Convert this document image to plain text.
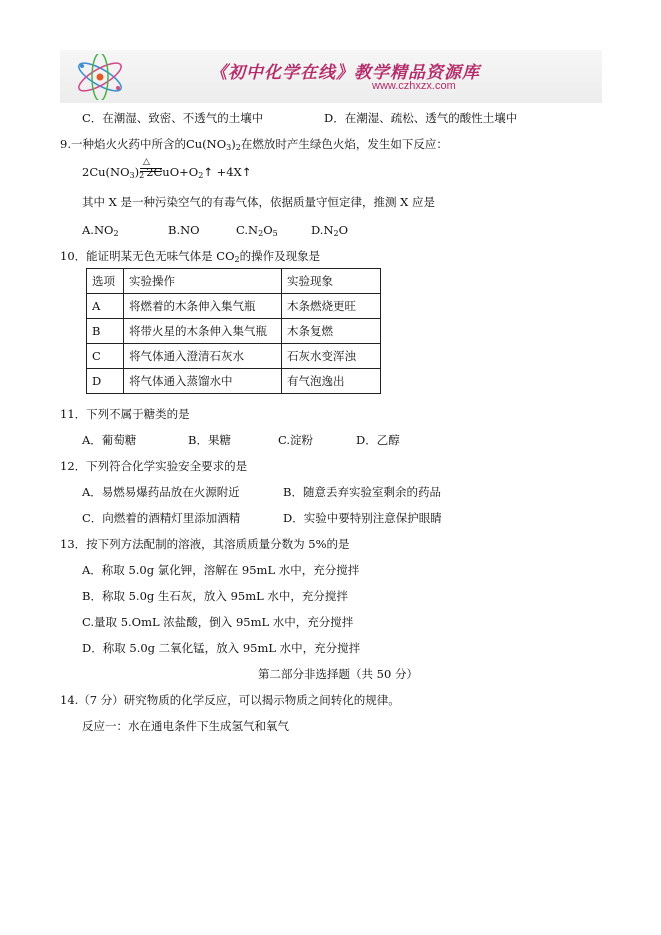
《初中化学在线》教学精品资源库
www.czhxzx.com
C．在潮湿、致密、不透气的土壤中	D．在潮湿、疏松、透气的酸性土壤中
9.一种焰火火药中所含的$Cu(NO_3)_2$在燃放时产生绿色火焰，发生如下反应：
△
$2Cu(NO_3)_2$ $2CuO+O_2↑$ +4X↑
其中 X 是一种污染空气的有毒气体，依据质量守恒定律，推测 X 应是
$A.NO_2$	B.NO	$C.N_2O_5$	$D.N_2O$
10．能证明某无色无味气体是 $CO_2$的操作及现象是
选项	实验操作	实验现象
A	将燃着的木条伸入集气瓶	木条燃烧更旺
B	将带火星的木条伸入集气瓶	木条复燃
C	将气体通入澄清石灰水	石灰水变浑浊
D	将气体通入蒸馏水中	有气泡逸出
11．下列不属于糖类的是
A．葡萄糖	B．果糖	C.淀粉	D．乙醇
12．下列符合化学实验安全要求的是
A．易燃易爆药品放在火源附近	B．随意丢弃实验室剩余的药品
C．向燃着的酒精灯里添加酒精	D．实验中要特别注意保护眼睛
13．按下列方法配制的溶液，其溶质质量分数为 5%的是
A．称取 5.0g 氯化钾，溶解在 95mL 水中，充分搅拌
B．称取 5.0g 生石灰，放入 95mL 水中，充分搅拌
C.量取 5.OmL 浓盐酸，倒入 95mL 水中，充分搅拌
D．称取 5.0g 二氧化锰，放入 95mL 水中，充分搅拌
第二部分非选择题（共 50 分）
14.（7 分）研究物质的化学反应，可以揭示物质之间转化的规律。
反应一：水在通电条件下生成氢气和氧气
